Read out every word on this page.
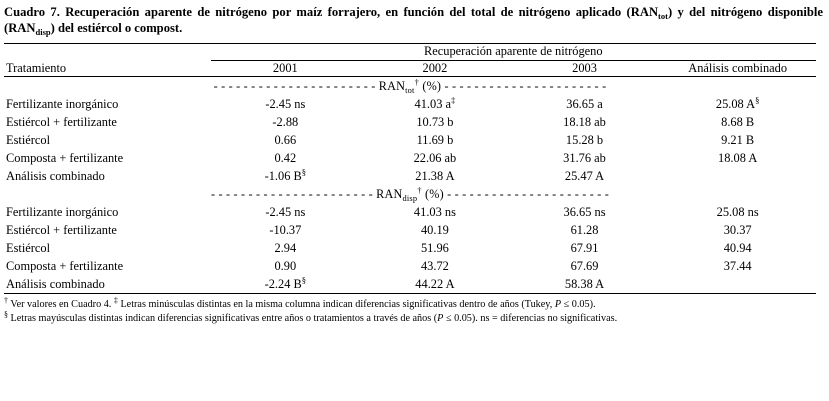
Cuadro 7. Recuperación aparente de nitrógeno por maíz forrajero, en función del total de nitrógeno aplicado $(RAN_{tot})$ y del nitrógeno disponible $(RAN_{disp})$ del estiércol o compost.
Tratamiento	Recuperación aparente de nitrógeno			
	2001	2002	2003	Análisis combinado
- - - - - - - - - - - - - - - - - - - - - - $RAN_{tot}^\dagger$ (%) - - - - - - - - - - - - - - - - - - - - - -				
Fertilizante inorgánico	-2.45 ns	41.03 a‡	36.65 a	25.08 A§
Estiércol + fertilizante	-2.88	10.73 b	18.18 ab	8.68 B
Estiércol	0.66	11.69 b	15.28 b	9.21 B
Composta + fertilizante	0.42	22.06 ab	31.76 ab	18.08 A
Análisis combinado	-1.06 B§	21.38 A	25.47 A	
- - - - - - - - - - - - - - - - - - - - - - $RAN_{disp}^\dagger$ (%) - - - - - - - - - - - - - - - - - - - - - -				
Fertilizante inorgánico	-2.45 ns	41.03 ns	36.65 ns	25.08 ns
Estiércol + fertilizante	-10.37	40.19	61.28	30.37
Estiércol	2.94	51.96	67.91	40.94
Composta + fertilizante	0.90	43.72	67.69	37.44
Análisis combinado	-2.24 B§	44.22 A	58.38 A	
† Ver valores en Cuadro 4. ‡ Letras minúsculas distintas en la misma columna indican diferencias significativas dentro de años (Tukey, P ≤ 0.05).
§ Letras mayúsculas distintas indican diferencias significativas entre años o tratamientos a través de años (P ≤ 0.05). ns = diferencias no significativas.
